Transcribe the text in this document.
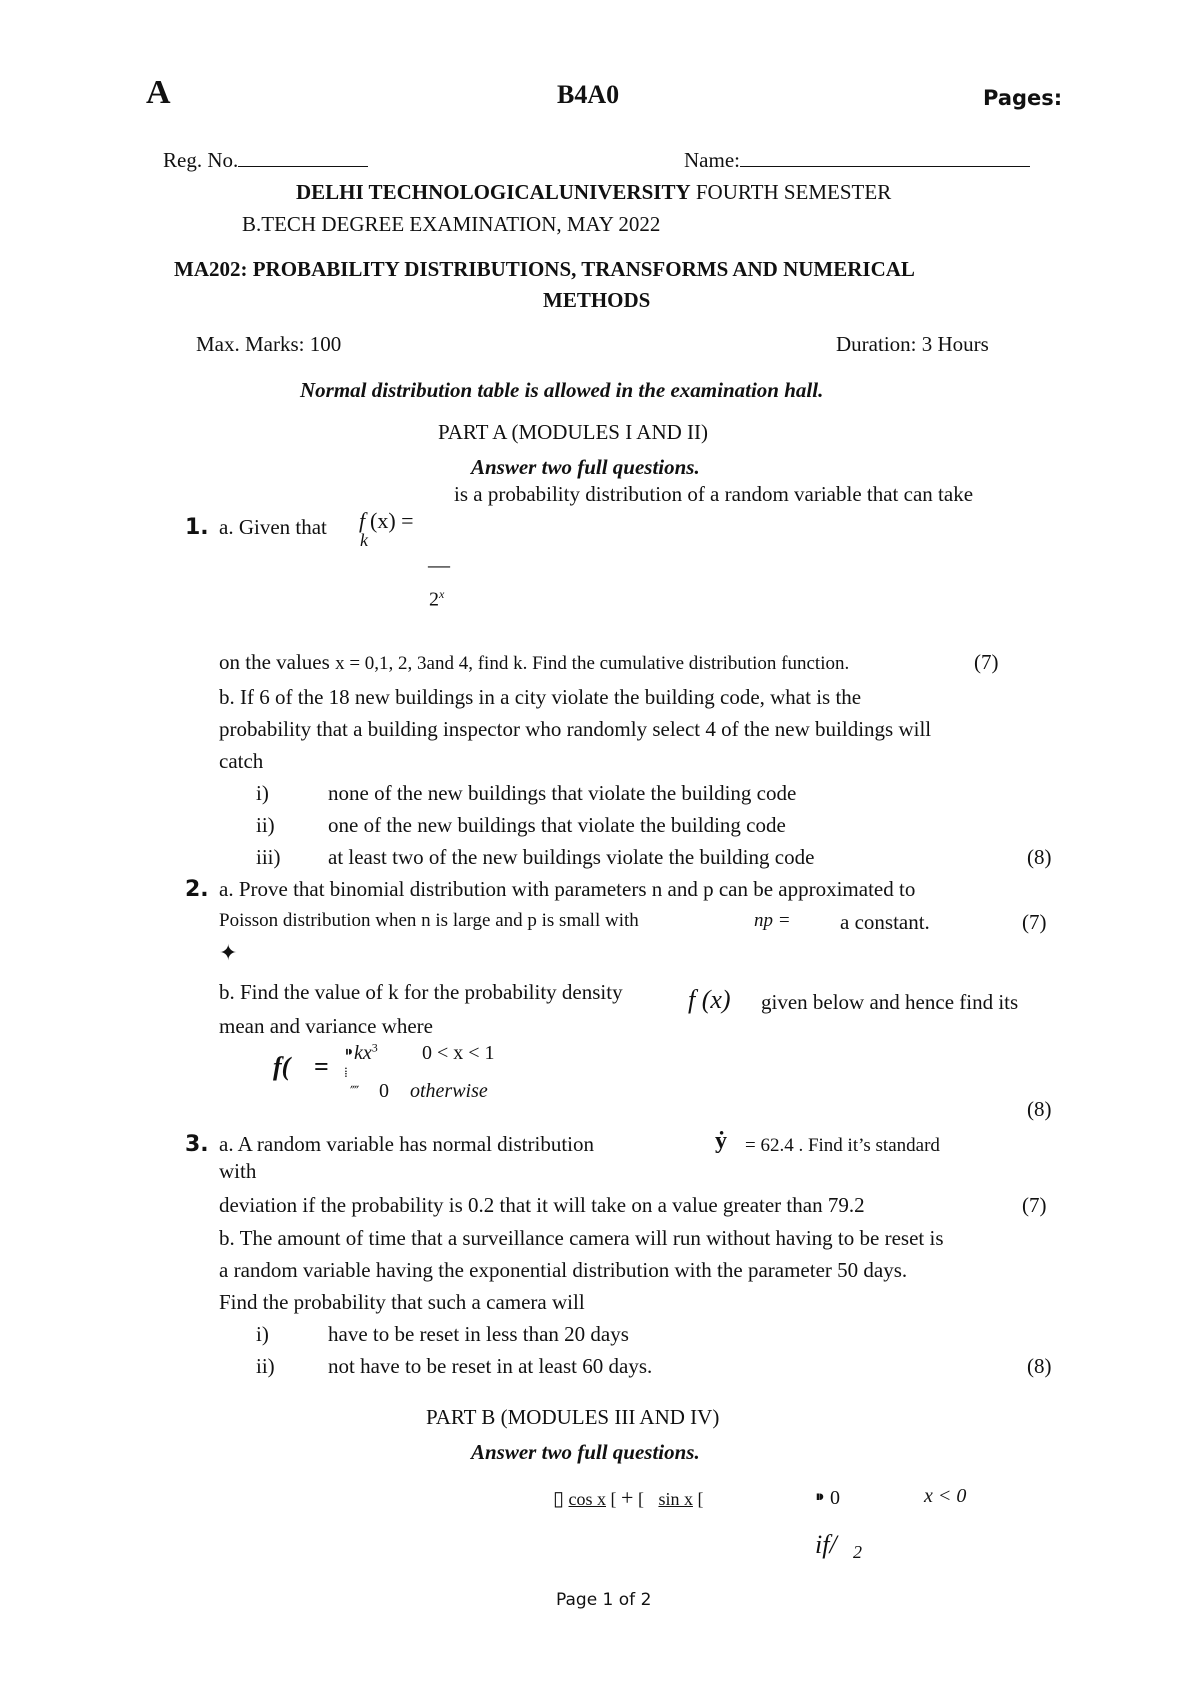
A	B4A0	Pages:
Reg. No.	Name:
DELHI TECHNOLOGICALUNIVERSITY FOURTH SEMESTER
B.TECH DEGREE EXAMINATION, MAY 2022
MA202: PROBABILITY DISTRIBUTIONS, TRANSFORMS AND NUMERICAL
METHODS
Max. Marks: 100	Duration: 3 Hours
Normal distribution table is allowed in the examination hall.
PART A (MODULES I AND II)
Answer two full questions.
is a probability distribution of a random variable that can take
1. a. Given that f
k
(x) =
—
2$^x$
on the values x = 0,1, 2, 3and 4, find k. Find the cumulative distribution function.	(7)
b. If 6 of the 18 new buildings in a city violate the building code, what is the
probability that a building inspector who randomly select 4 of the new buildings will
catch
i)	none of the new buildings that violate the building code
ii)	one of the new buildings that violate the building code
iii) at least two of the new buildings violate the building code	(8)
2. a. Prove that binomial distribution with parameters n and p can be approximated to
Poisson distribution when n is large and p is small with	np = a constant.	(7)
✦
b. Find the value of k for the probability density	f (x) given below and hence find its
mean and variance where
$f( = ⁍kx^3$ 0 < x < 1
⁞
⁗ 0 otherwise
(8)
3. a. A random variable has normal distribution	ẏ = 62.4 . Find it’s standard
with
deviation if the probability is 0.2 that it will take on a value greater than 79.2	(7)
b. The amount of time that a surveillance camera will run without having to be reset is
a random variable having the exponential distribution with the parameter 50 days.
Find the probability that such a camera will
i)	have to be reset in less than 20 days
ii)	not have to be reset in at least 60 days.	(8)
PART B (MODULES III AND IV)
Answer two full questions.
▯ cos x [ + [ sin x [	⁍ 0	x < 0
if/ 2
Page 1 of 2
